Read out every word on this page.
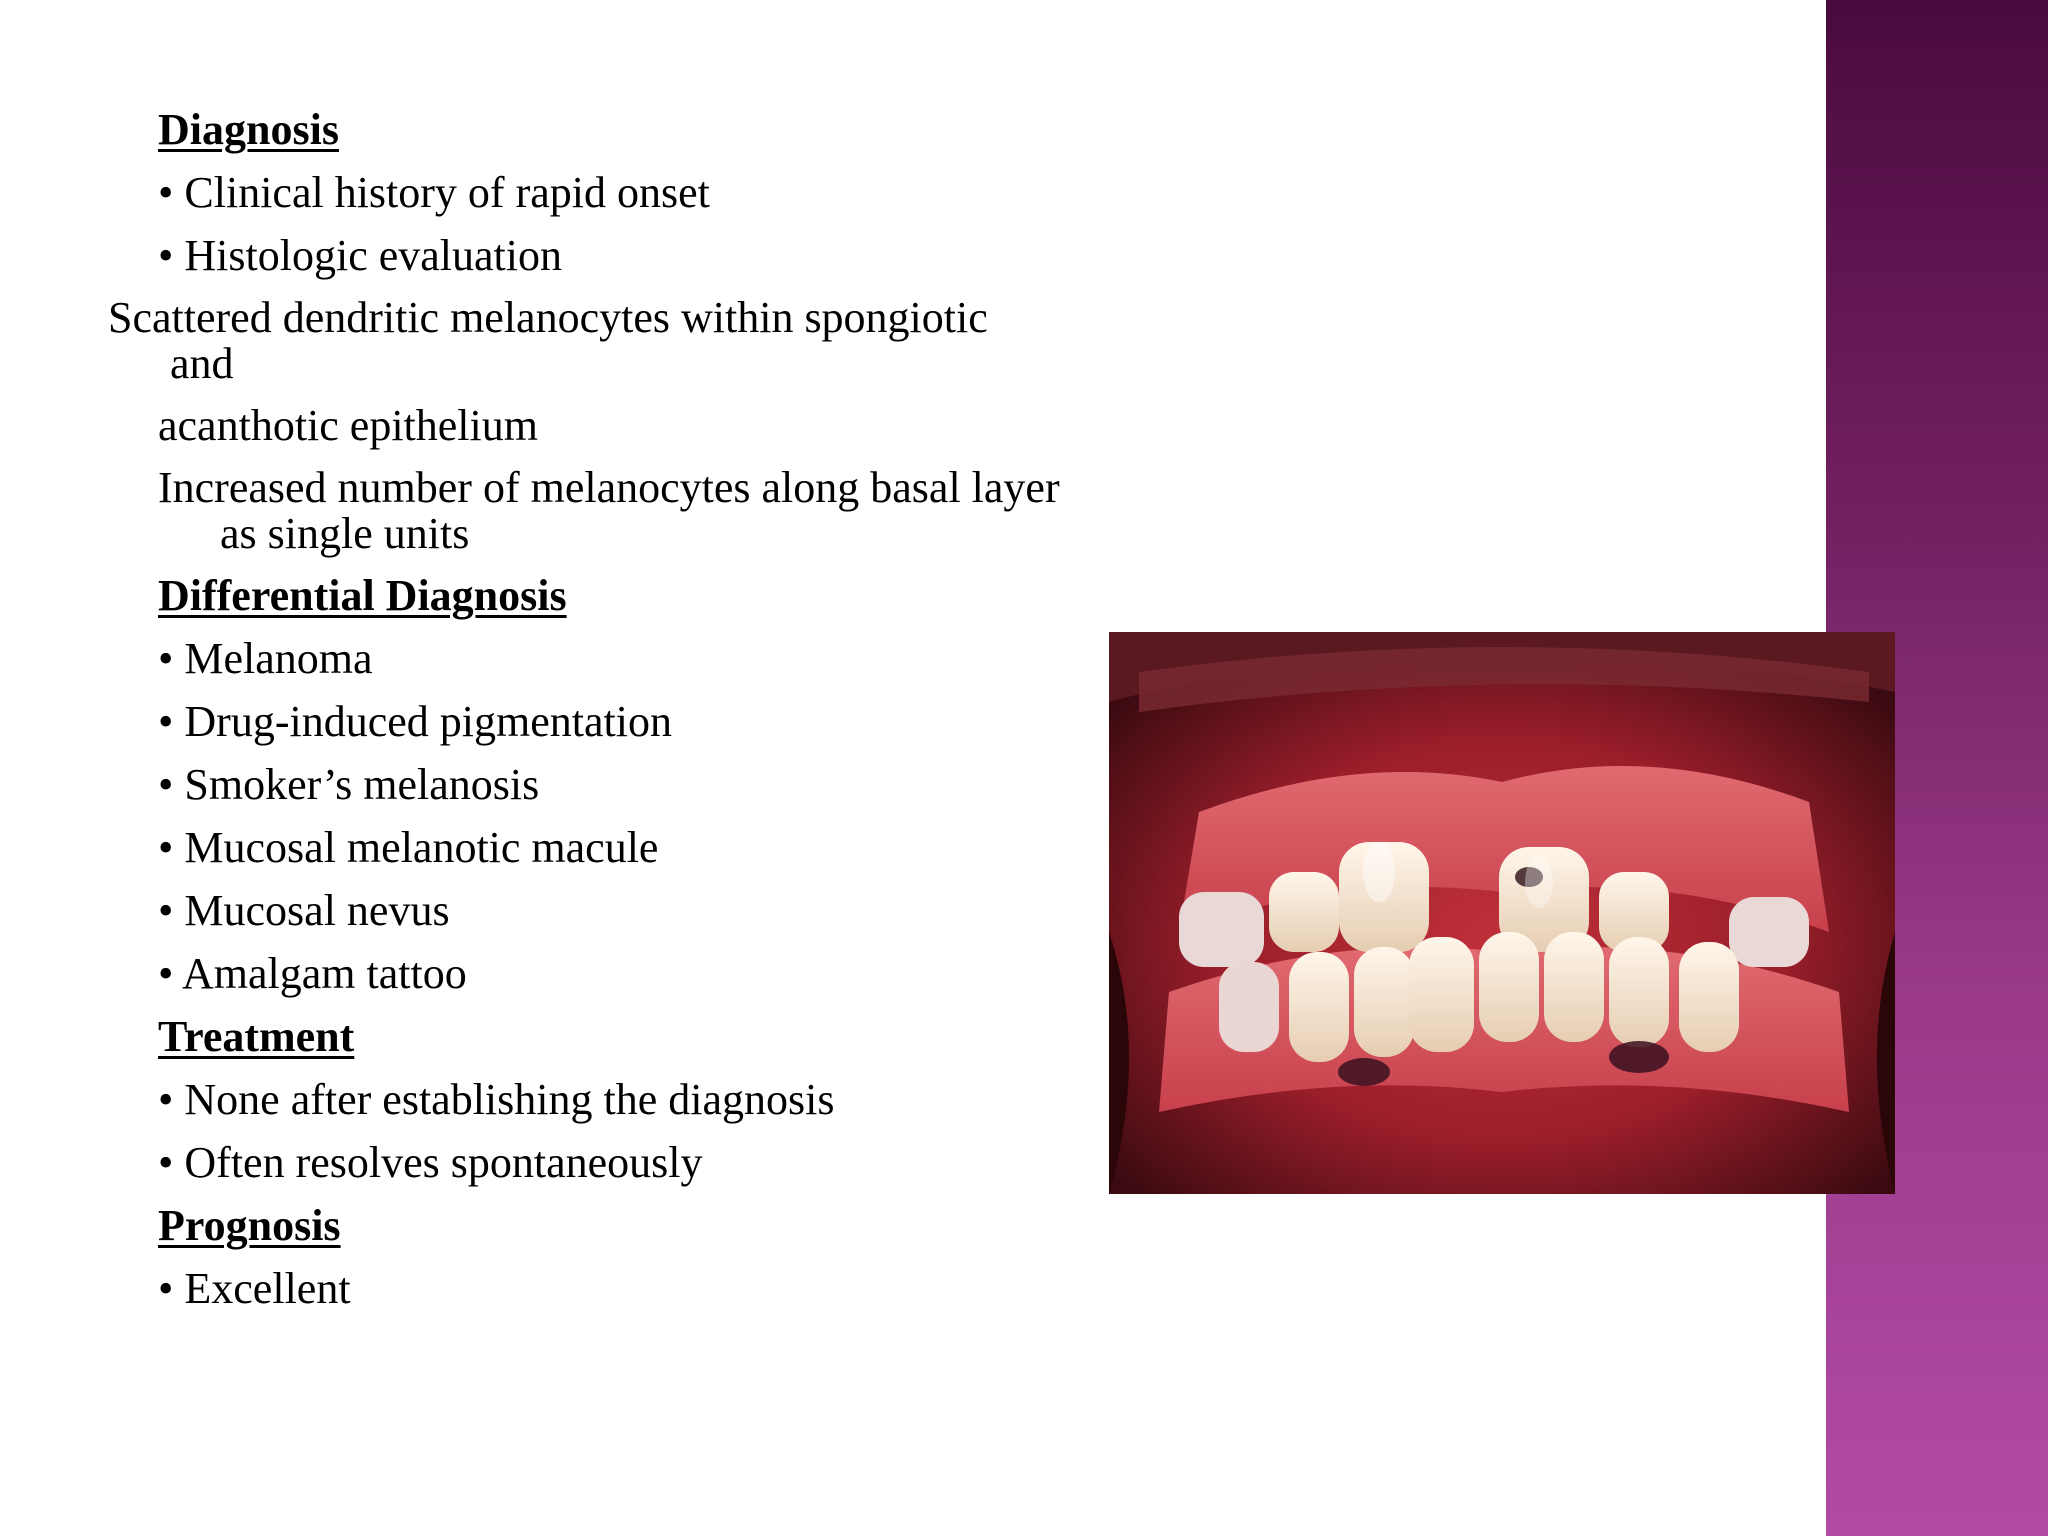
Diagnosis
• Clinical history of rapid onset
• Histologic evaluation
Scattered dendritic melanocytes within spongiotic and
acanthotic epithelium
Increased number of melanocytes along basal layer as single units
Differential Diagnosis
• Melanoma
• Drug-induced pigmentation
• Smoker’s melanosis
• Mucosal melanotic macule
• Mucosal nevus
• Amalgam tattoo
Treatment
• None after establishing the diagnosis
• Often resolves spontaneously
Prognosis
• Excellent
